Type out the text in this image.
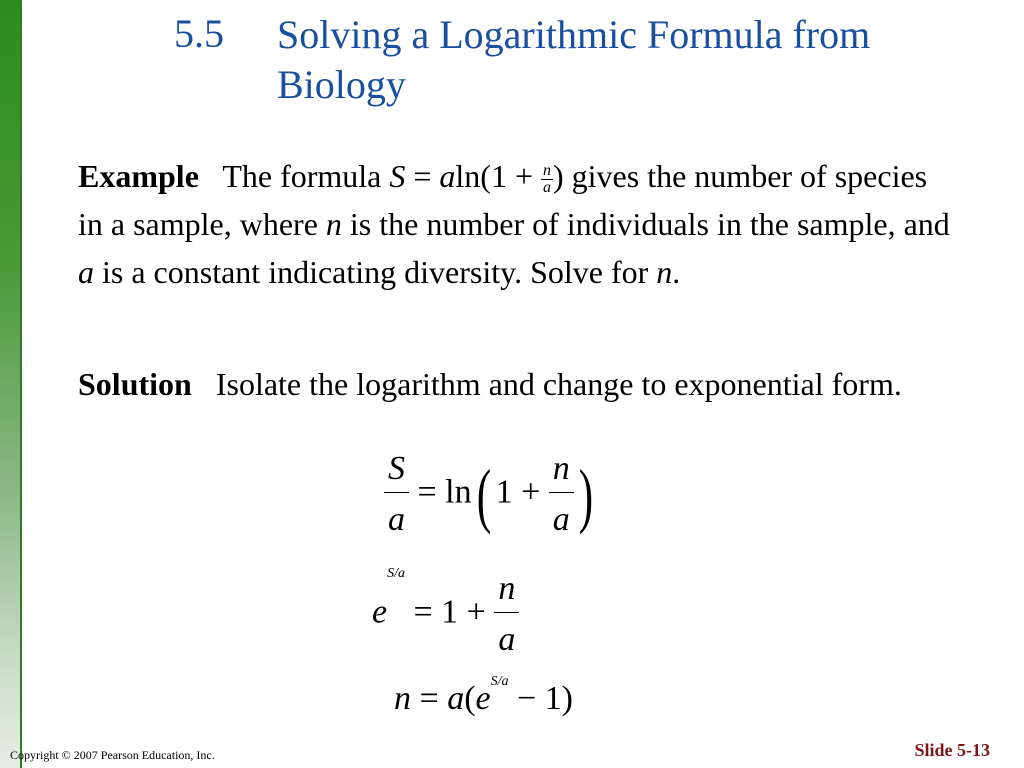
5.5 Solving a Logarithmic Formula from Biology
Example The formula $S = aln(1 + \frac{n}{a}$ ) gives the number of species in a sample, where n is the number of individuals in the sample, and a is a constant indicating diversity. Solve for n.
Solution Isolate the logarithm and change to exponential form.
$\frac{S}{a} = \ln$( $1 + \frac{n}{a}$ )
$e^{S/a} = 1 + \frac{n}{a}$
$n = a(e^{S/a} - 1)$
Copyright © 2007 Pearson Education, Inc.	Slide 5-13
